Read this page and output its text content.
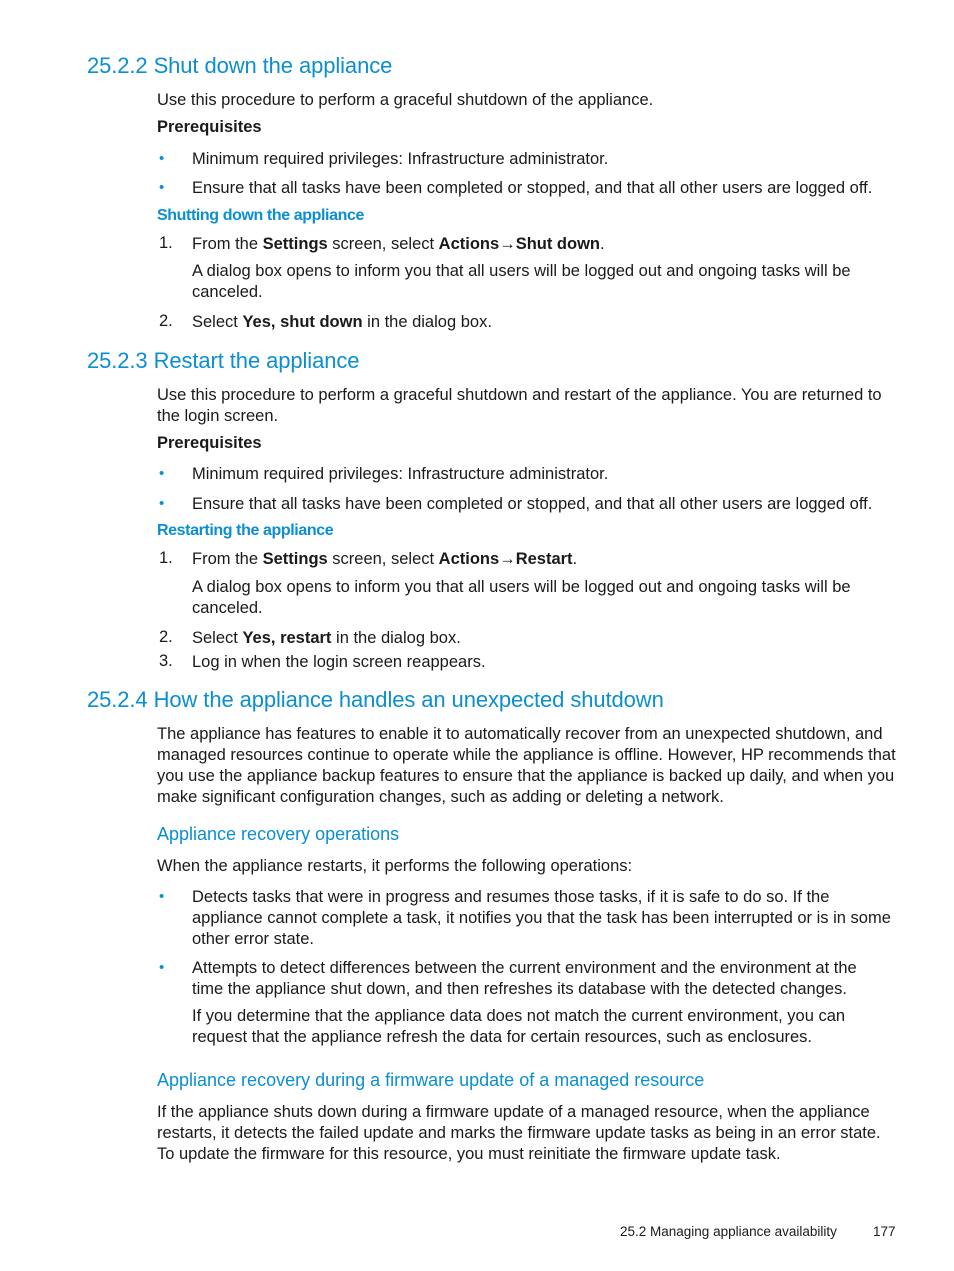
25.2.2 Shut down the appliance
Use this procedure to perform a graceful shutdown of the appliance.
Prerequisites
• Minimum required privileges: Infrastructure administrator.
• Ensure that all tasks have been completed or stopped, and that all other users are logged off.
Shutting down the appliance
1. From the Settings screen, select Actions→Shut down.
A dialog box opens to inform you that all users will be logged out and ongoing tasks will be canceled.
2. Select Yes, shut down in the dialog box.
25.2.3 Restart the appliance
Use this procedure to perform a graceful shutdown and restart of the appliance. You are returned to the login screen.
Prerequisites
• Minimum required privileges: Infrastructure administrator.
• Ensure that all tasks have been completed or stopped, and that all other users are logged off.
Restarting the appliance
1. From the Settings screen, select Actions→Restart.
A dialog box opens to inform you that all users will be logged out and ongoing tasks will be canceled.
2. Select Yes, restart in the dialog box.
3. Log in when the login screen reappears.
25.2.4 How the appliance handles an unexpected shutdown
The appliance has features to enable it to automatically recover from an unexpected shutdown, and managed resources continue to operate while the appliance is offline. However, HP recommends that you use the appliance backup features to ensure that the appliance is backed up daily, and when you make significant configuration changes, such as adding or deleting a network.
Appliance recovery operations
When the appliance restarts, it performs the following operations:
• Detects tasks that were in progress and resumes those tasks, if it is safe to do so. If the appliance cannot complete a task, it notifies you that the task has been interrupted or is in some other error state.
• Attempts to detect differences between the current environment and the environment at the time the appliance shut down, and then refreshes its database with the detected changes.
If you determine that the appliance data does not match the current environment, you can request that the appliance refresh the data for certain resources, such as enclosures.
Appliance recovery during a firmware update of a managed resource
If the appliance shuts down during a firmware update of a managed resource, when the appliance restarts, it detects the failed update and marks the firmware update tasks as being in an error state. To update the firmware for this resource, you must reinitiate the firmware update task.
25.2 Managing appliance availability	177
